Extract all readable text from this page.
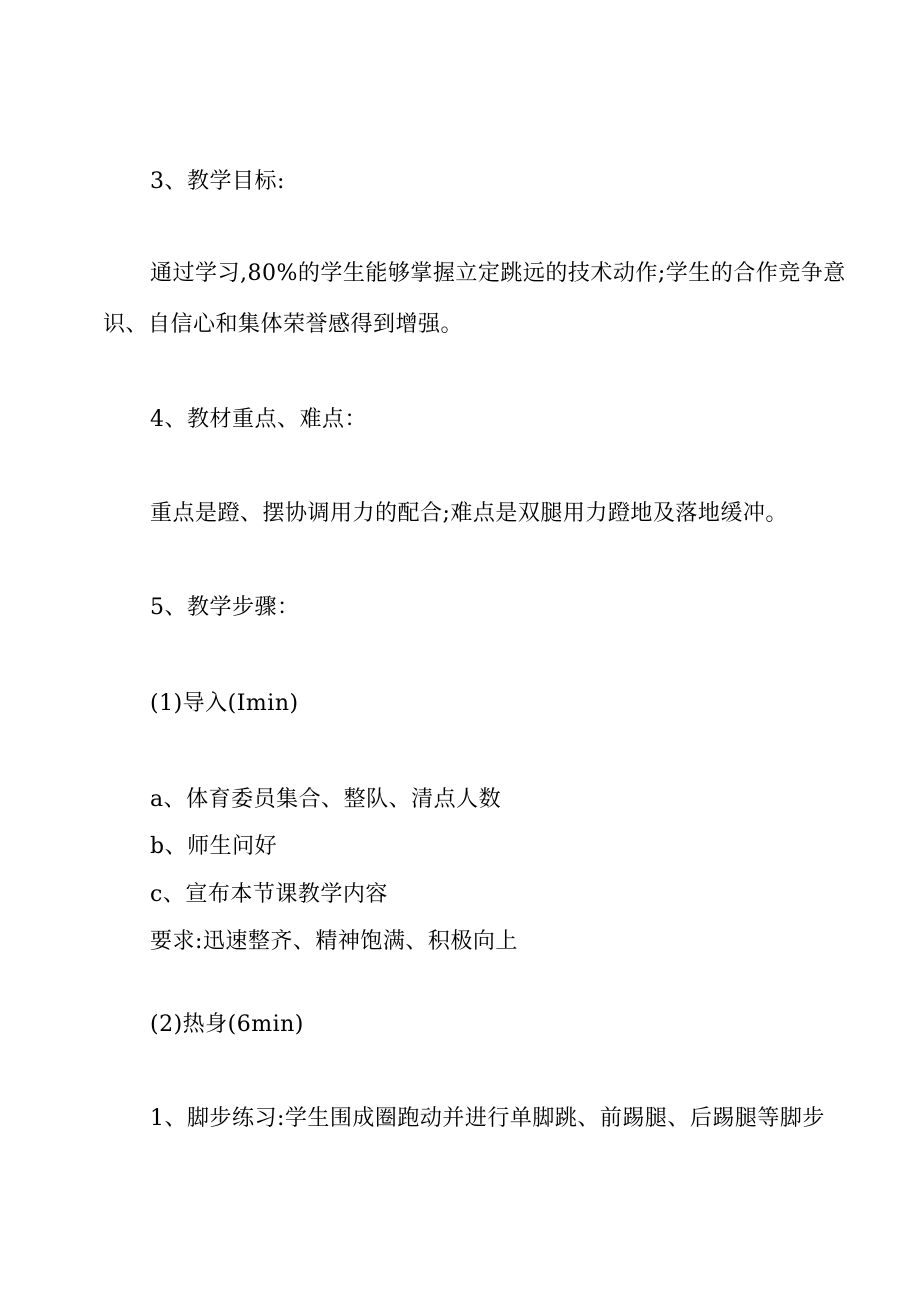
3、教学目标:
通过学习,80%的学生能够掌握立定跳远的技术动作;学生的合作竞争意
识、自信心和集体荣誉感得到增强。
4、教材重点、难点：
重点是蹬、摆协调用力的配合;难点是双腿用力蹬地及落地缓冲。
5、教学步骤：
(1)导入(Imin)
a、体育委员集合、整队、清点人数
b、师生问好
c、宣布本节课教学内容
要求:迅速整齐、精神饱满、积极向上
(2)热身(6min)
1、脚步练习:学生围成圈跑动并进行单脚跳、前踢腿、后踢腿等脚步
